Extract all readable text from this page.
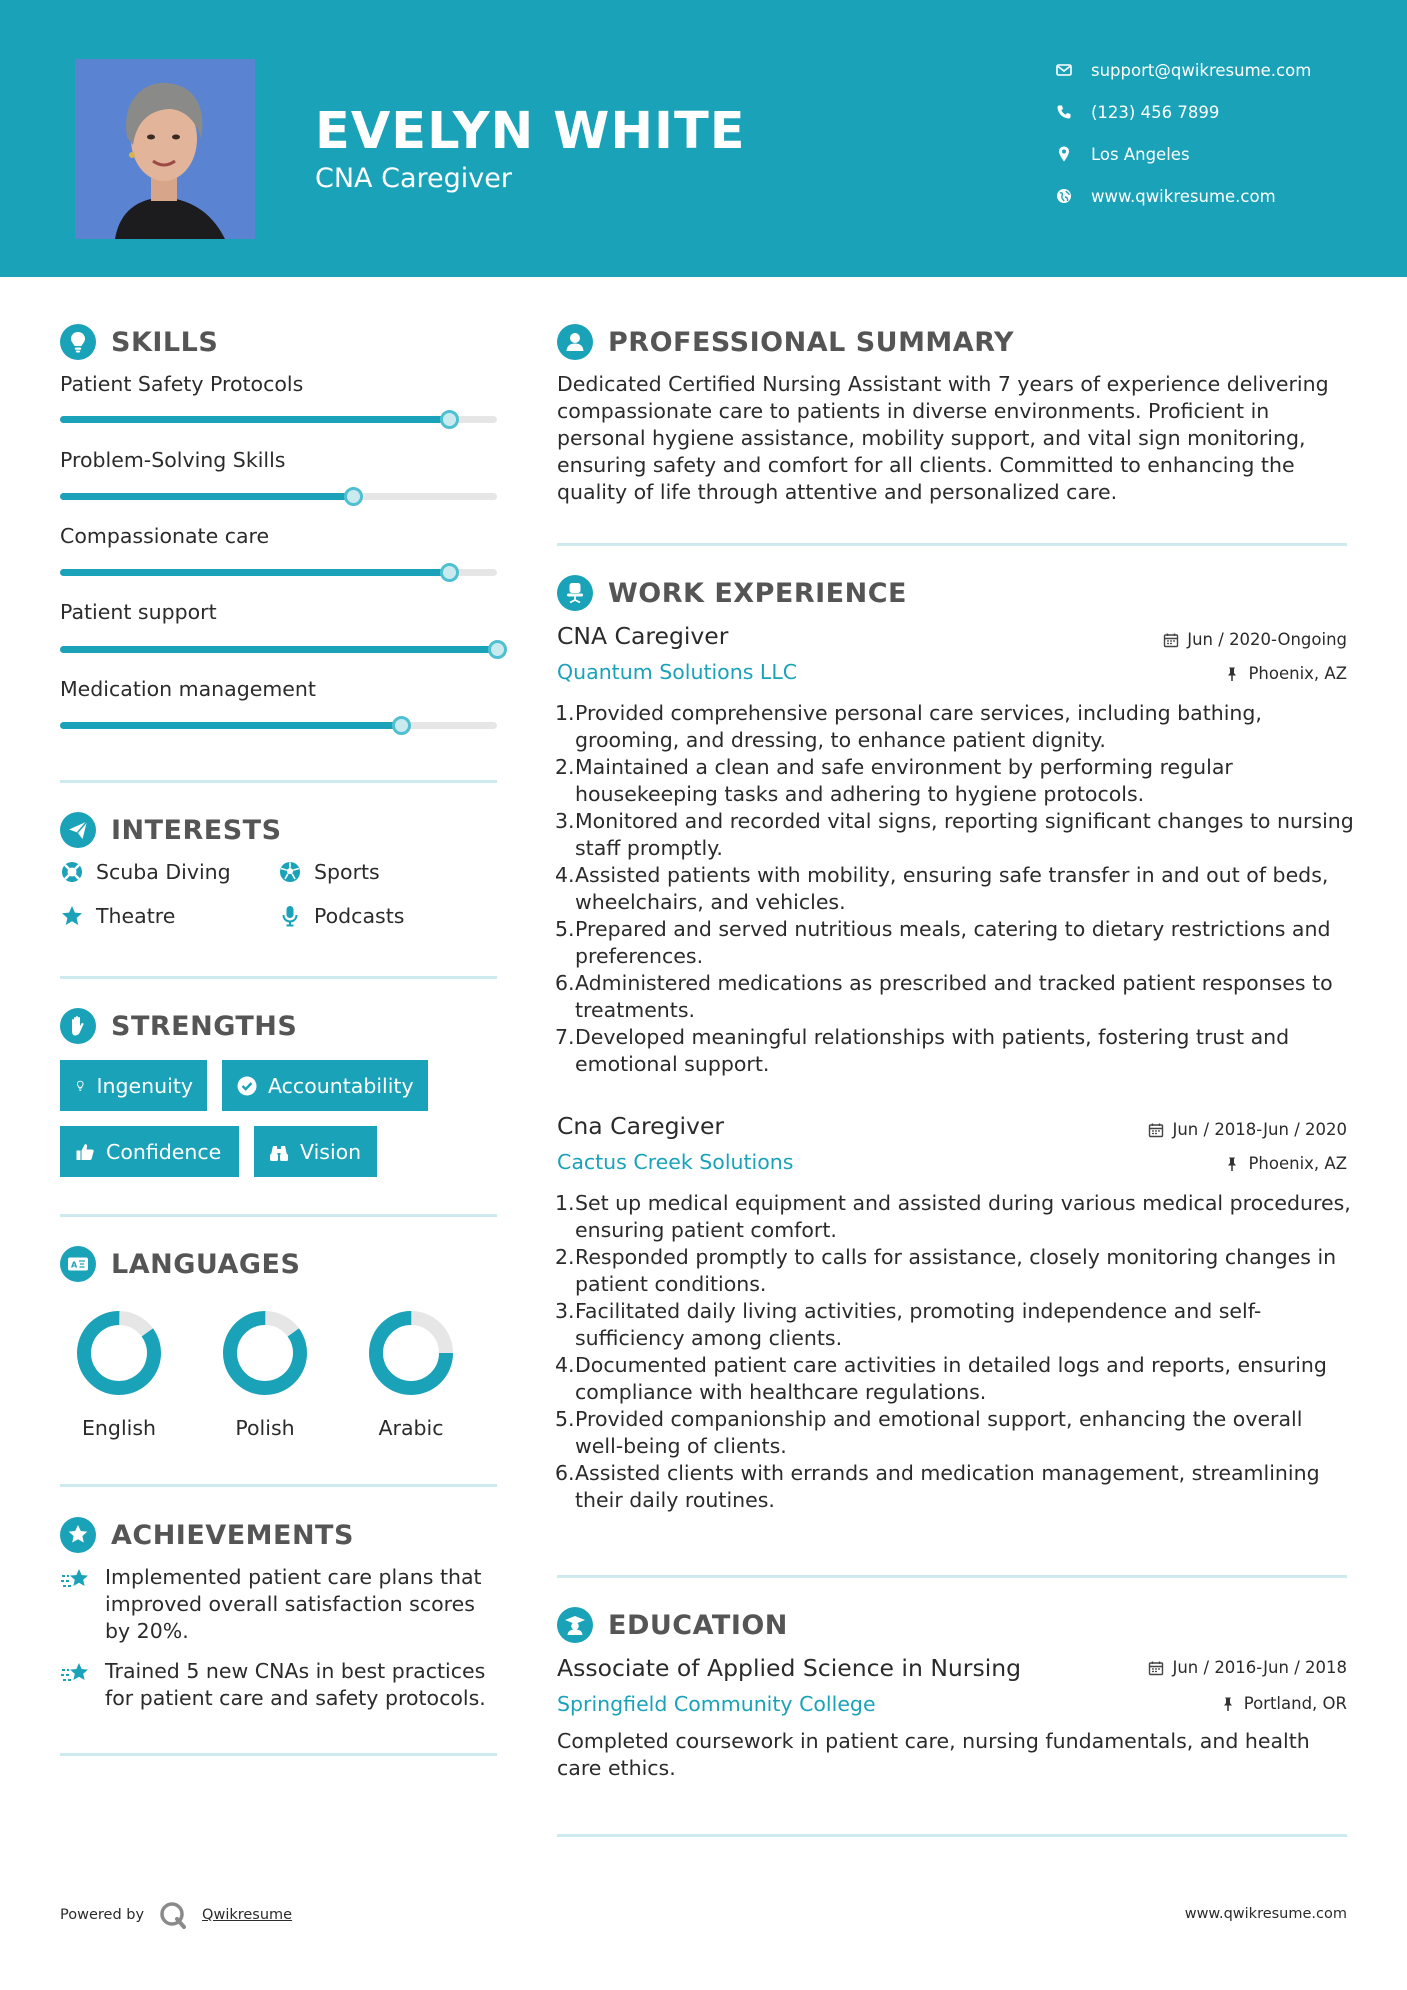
EVELYN WHITE
CNA Caregiver
support@qwikresume.com
(123) 456 7899
Los Angeles
www.qwikresume.com
SKILLS
Patient Safety Protocols
Problem-Solving Skills
Compassionate care
Patient support
Medication management
INTERESTS
Scuba Diving	Sports
Theatre	Podcasts
STRENGTHS
Ingenuity	Accountability
Confidence	Vision
A LANGUAGES
English	Polish	Arabic
ACHIEVEMENTS
Implemented patient care plans that improved overall satisfaction scores by 20%.
Trained 5 new CNAs in best practices for patient care and safety protocols.
PROFESSIONAL SUMMARY
Dedicated Certified Nursing Assistant with 7 years of experience delivering compassionate care to patients in diverse environments. Proficient in personal hygiene assistance, mobility support, and vital sign monitoring, ensuring safety and comfort for all clients. Committed to enhancing the quality of life through attentive and personalized care.
WORK EXPERIENCE
CNA Caregiver	Jun / 2020-Ongoing
Quantum Solutions LLC	Phoenix, AZ
1. Provided comprehensive personal care services, including bathing, grooming, and dressing, to enhance patient dignity.
2. Maintained a clean and safe environment by performing regular housekeeping tasks and adhering to hygiene protocols.
3. Monitored and recorded vital signs, reporting significant changes to nursing staff promptly.
4. Assisted patients with mobility, ensuring safe transfer in and out of beds, wheelchairs, and vehicles.
5. Prepared and served nutritious meals, catering to dietary restrictions and preferences.
6. Administered medications as prescribed and tracked patient responses to treatments.
7. Developed meaningful relationships with patients, fostering trust and emotional support.
Cna Caregiver	Jun / 2018-Jun / 2020
Cactus Creek Solutions	Phoenix, AZ
1. Set up medical equipment and assisted during various medical procedures, ensuring patient comfort.
2. Responded promptly to calls for assistance, closely monitoring changes in patient conditions.
3. Facilitated daily living activities, promoting independence and self-sufficiency among clients.
4. Documented patient care activities in detailed logs and reports, ensuring compliance with healthcare regulations.
5. Provided companionship and emotional support, enhancing the overall well-being of clients.
6. Assisted clients with errands and medication management, streamlining their daily routines.
EDUCATION
Associate of Applied Science in Nursing	Jun / 2016-Jun / 2018
Springfield Community College	Portland, OR
Completed coursework in patient care, nursing fundamentals, and health care ethics.
Powered by	Qwikresume	www.qwikresume.com
